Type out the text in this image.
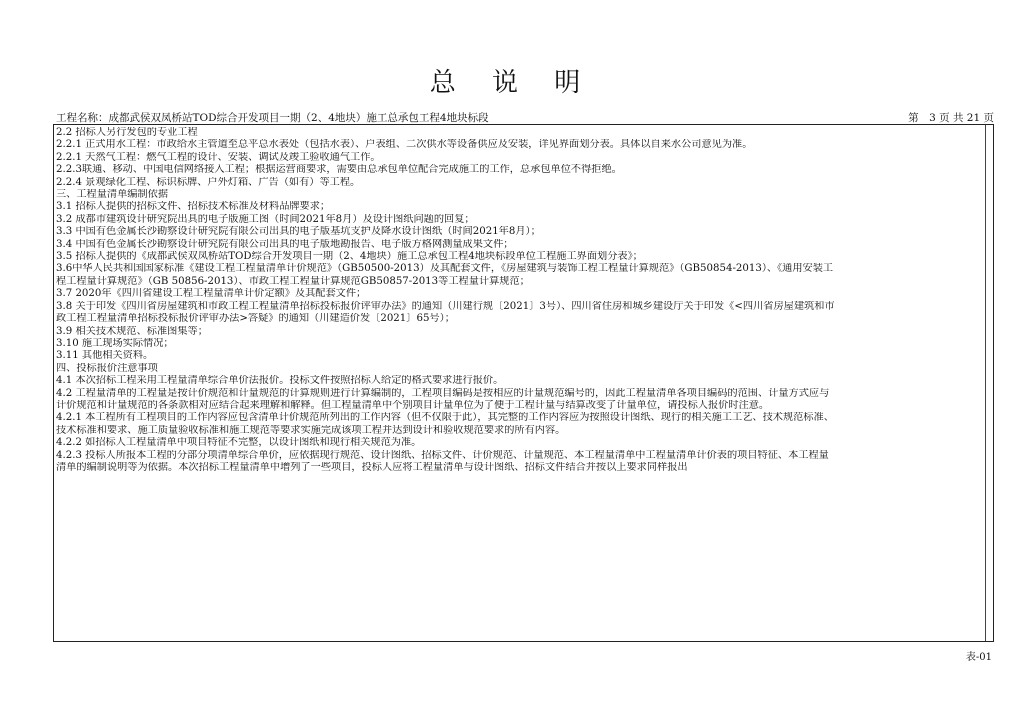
总 说 明
工程名称：成都武侯双凤桥站TOD综合开发项目一期（2、4地块）施工总承包工程4地块标段	第　3 页 共 21 页
2.2 招标人另行发包的专业工程
2.2.1 正式用水工程：市政给水主管道至总平总水表处（包括水表）、户表组、二次供水等设备供应及安装，详见界面划分表。具体以自来水公司意见为准。
2.2.1 天然气工程：燃气工程的设计、安装、调试及竣工验收通气工作。
2.2.3联通、移动、中国电信网络接入工程；根据运营商要求，需要由总承包单位配合完成施工的工作，总承包单位不得拒绝。
2.2.4 景观绿化工程、标识标牌、户外灯箱、广告（如有）等工程。
三、工程量清单编制依据
3.1 招标人提供的招标文件、招标技术标准及材料品牌要求；
3.2 成都市建筑设计研究院出具的电子版施工图（时间2021年8月）及设计图纸问题的回复；
3.3 中国有色金属长沙勘察设计研究院有限公司出具的电子版基坑支护及降水设计图纸（时间2021年8月）；
3.4 中国有色金属长沙勘察设计研究院有限公司出具的电子版地勘报告、电子版方格网测量成果文件；
3.5 招标人提供的《成都武侯双凤桥站TOD综合开发项目一期（2、4地块）施工总承包工程4地块标段单位工程施工界面划分表》；
3.6中华人民共和国国家标准《建设工程工程量清单计价规范》（GB50500-2013）及其配套文件，《房屋建筑与装饰工程工程量计算规范》（GB50854-2013）、《通用安装工
程工程量计算规范》（GB 50856-2013）、市政工程工程量计算规范GB50857-2013等工程量计算规范；
3.7 2020年《四川省建设工程工程量清单计价定额》及其配套文件；
3.8 关于印发《四川省房屋建筑和市政工程工程量清单招标投标报价评审办法》的通知（川建行规〔2021〕3号）、四川省住房和城乡建设厅关于印发《<四川省房屋建筑和市
政工程工程量清单招标投标报价评审办法>答疑》的通知（川建造价发〔2021〕65号）；
3.9 相关技术规范、标准图集等；
3.10 施工现场实际情况；
3.11 其他相关资料。
四、投标报价注意事项
4.1 本次招标工程采用工程量清单综合单价法报价。投标文件按照招标人给定的格式要求进行报价。
4.2 工程量清单的工程量是按计价规范和计量规范的计算规则进行计算编制的，工程项目编码是按相应的计量规范编号的，因此工程量清单各项目编码的范围、计量方式应与
计价规范和计量规范的各条款相对应结合起来理解和解释。但工程量清单中个别项目计量单位为了便于工程计量与结算改变了计量单位，请投标人报价时注意。
4.2.1 本工程所有工程项目的工作内容应包含清单计价规范所列出的工作内容（但不仅限于此），其完整的工作内容应为按照设计图纸、现行的相关施工工艺、技术规范标准、
技术标准和要求、施工质量验收标准和施工规范等要求实施完成该项工程并达到设计和验收规范要求的所有内容。
4.2.2 如招标人工程量清单中项目特征不完整，以设计图纸和现行相关规范为准。
4.2.3 投标人所报本工程的分部分项清单综合单价，应依据现行规范、设计图纸、招标文件、计价规范、计量规范、本工程量清单中工程量清单计价表的项目特征、本工程量
清单的编制说明等为依据。本次招标工程量清单中增列了一些项目，投标人应将工程量清单与设计图纸、招标文件结合并按以上要求同样报出
表-01
